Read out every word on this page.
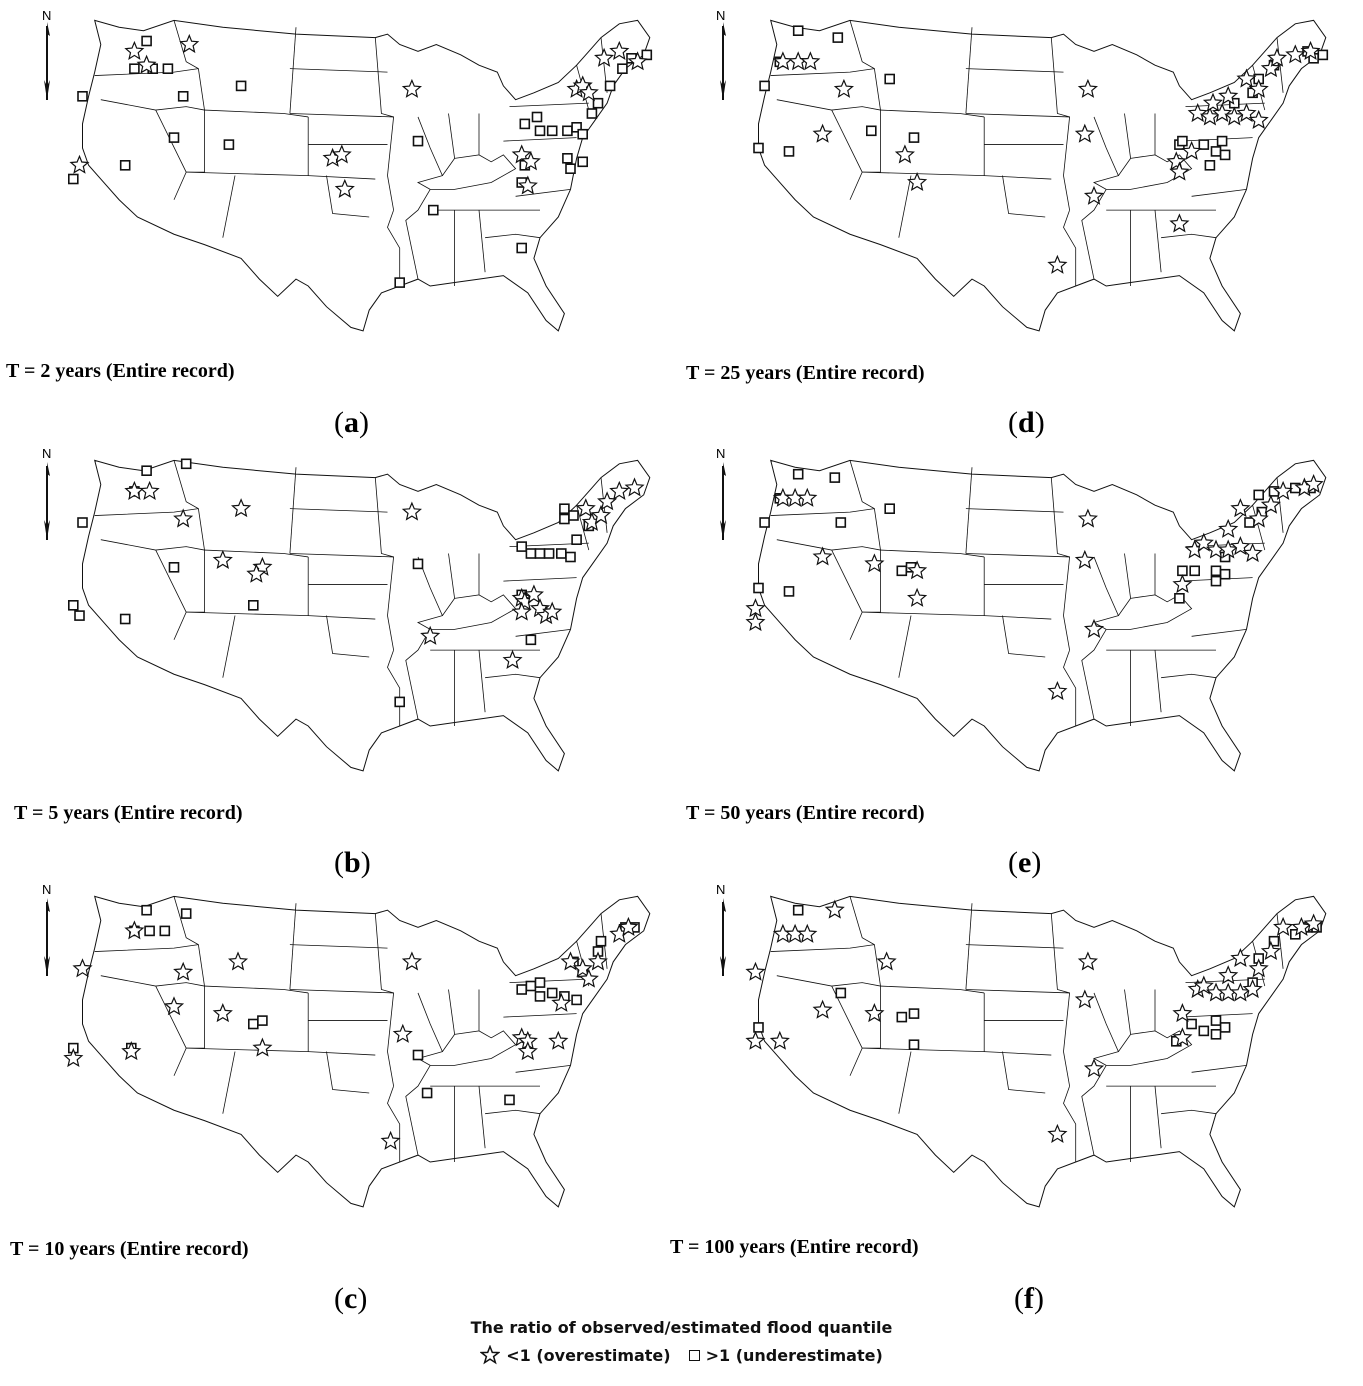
N
T = 2 years (Entire record)
(a)
N
T = 5 years (Entire record)
(b)
N
T = 10 years (Entire record)
(c)
N
T = 25 years (Entire record)
(d)
N
T = 50 years (Entire record)
(e)
N
T = 100 years (Entire record)
(f)
The ratio of observed/estimated flood quantile
<1 (overestimate) >1 (underestimate)
